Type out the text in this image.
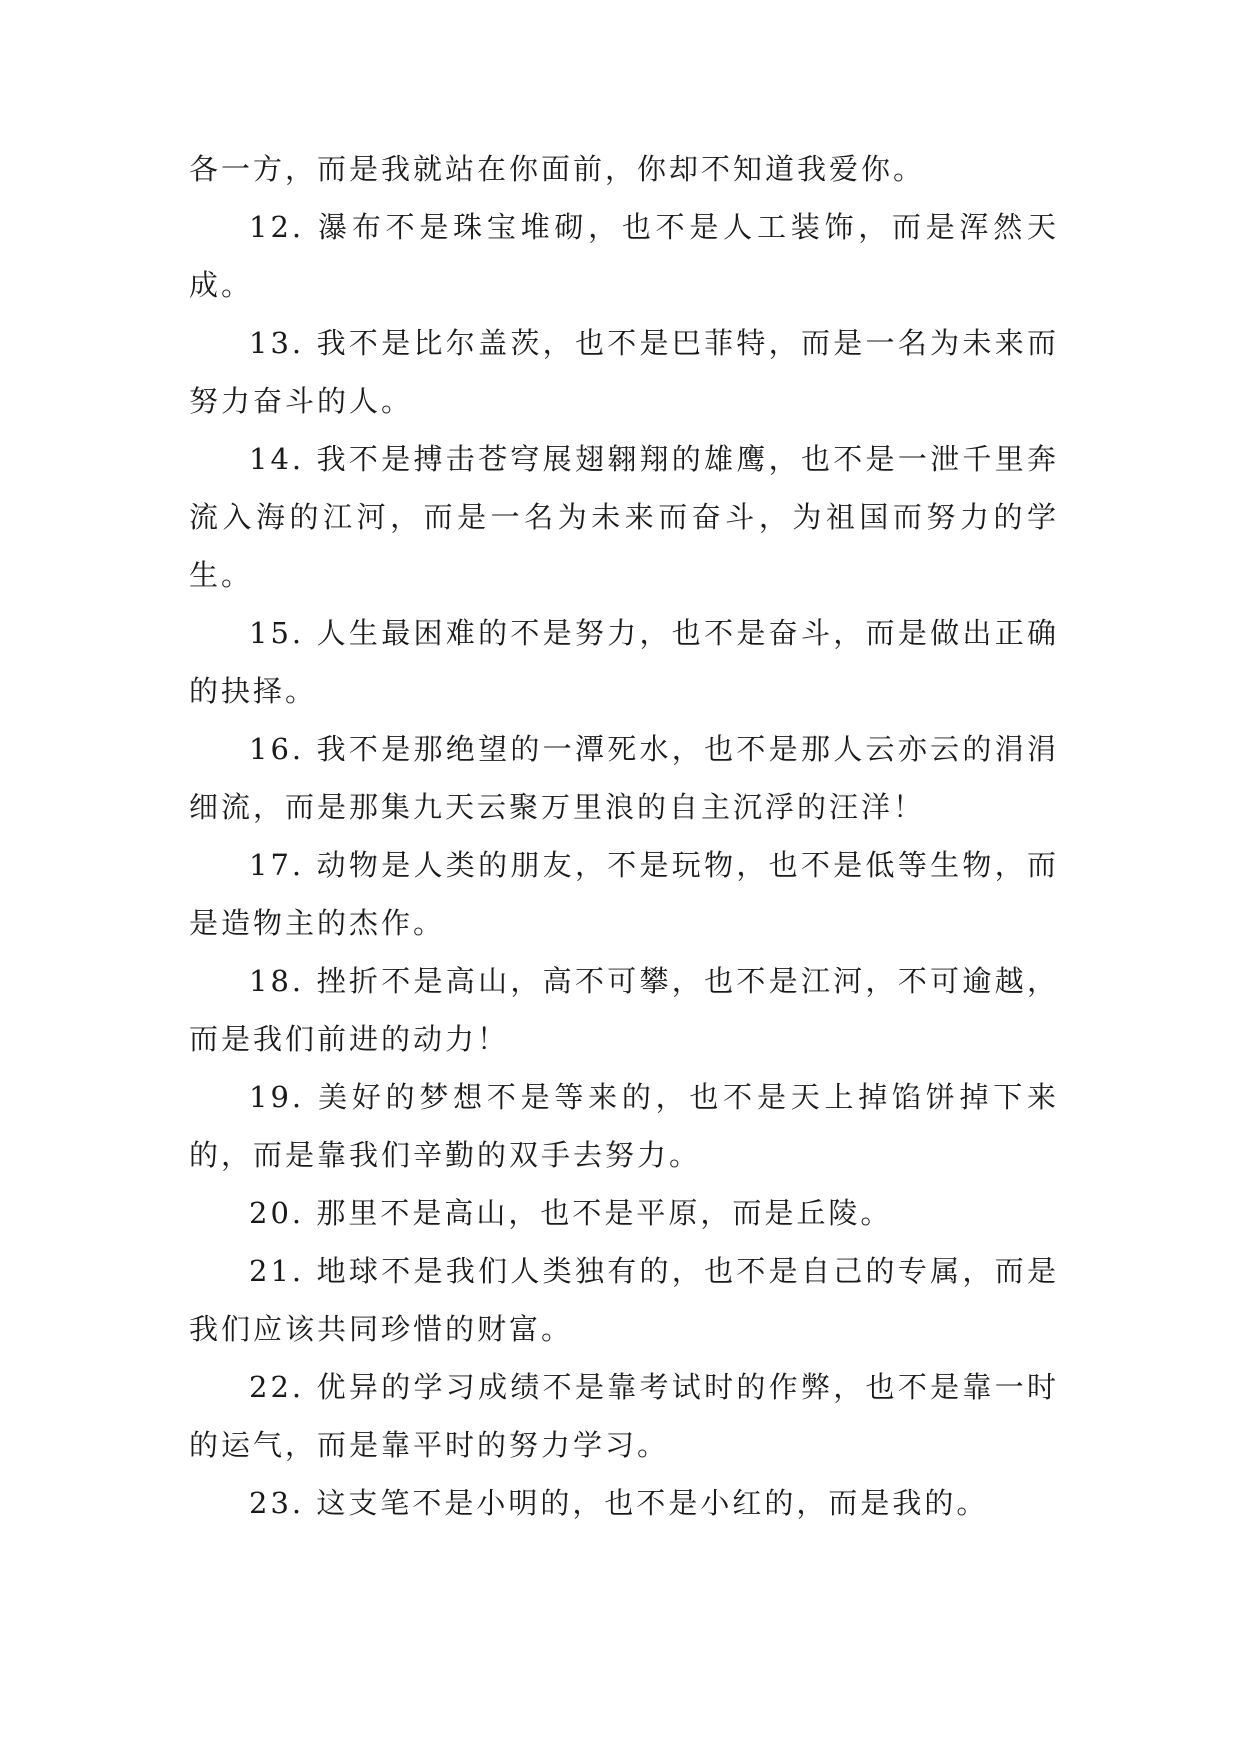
各一方，而是我就站在你面前，你却不知道我爱你。

12. 瀑布不是珠宝堆砌，也不是人工装饰，而是浑然天成。

13. 我不是比尔盖茨，也不是巴菲特，而是一名为未来而努力奋斗的人。

14. 我不是搏击苍穹展翅翱翔的雄鹰，也不是一泄千里奔流入海的江河，而是一名为未来而奋斗，为祖国而努力的学生。

15. 人生最困难的不是努力，也不是奋斗，而是做出正确的抉择。

16. 我不是那绝望的一潭死水，也不是那人云亦云的涓涓细流，而是那集九天云聚万里浪的自主沉浮的汪洋！

17. 动物是人类的朋友，不是玩物，也不是低等生物，而是造物主的杰作。

18. 挫折不是高山，高不可攀，也不是江河，不可逾越，而是我们前进的动力！

19. 美好的梦想不是等来的，也不是天上掉馅饼掉下来的，而是靠我们辛勤的双手去努力。

20. 那里不是高山，也不是平原，而是丘陵。

21. 地球不是我们人类独有的，也不是自己的专属，而是我们应该共同珍惜的财富。

22. 优异的学习成绩不是靠考试时的作弊，也不是靠一时的运气，而是靠平时的努力学习。

23. 这支笔不是小明的，也不是小红的，而是我的。
